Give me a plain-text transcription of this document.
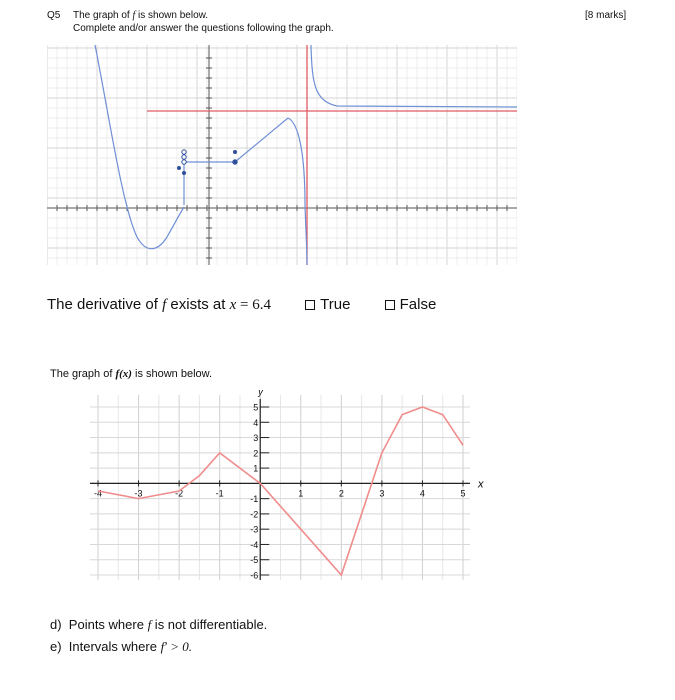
Q5 The graph of f is shown below.
Complete and/or answer the questions following the graph.
[8 marks]
The derivative of f exists at x = 6.4	True	False
The graph of f(x) is shown below.
-4	-3	-2	-1	1	2	3	4	5
5
4
3
2
1
-1
-2
-3
-4
-5
-6
x
y
d) Points where f is not differentiable.
e) Intervals where f′ > 0.
